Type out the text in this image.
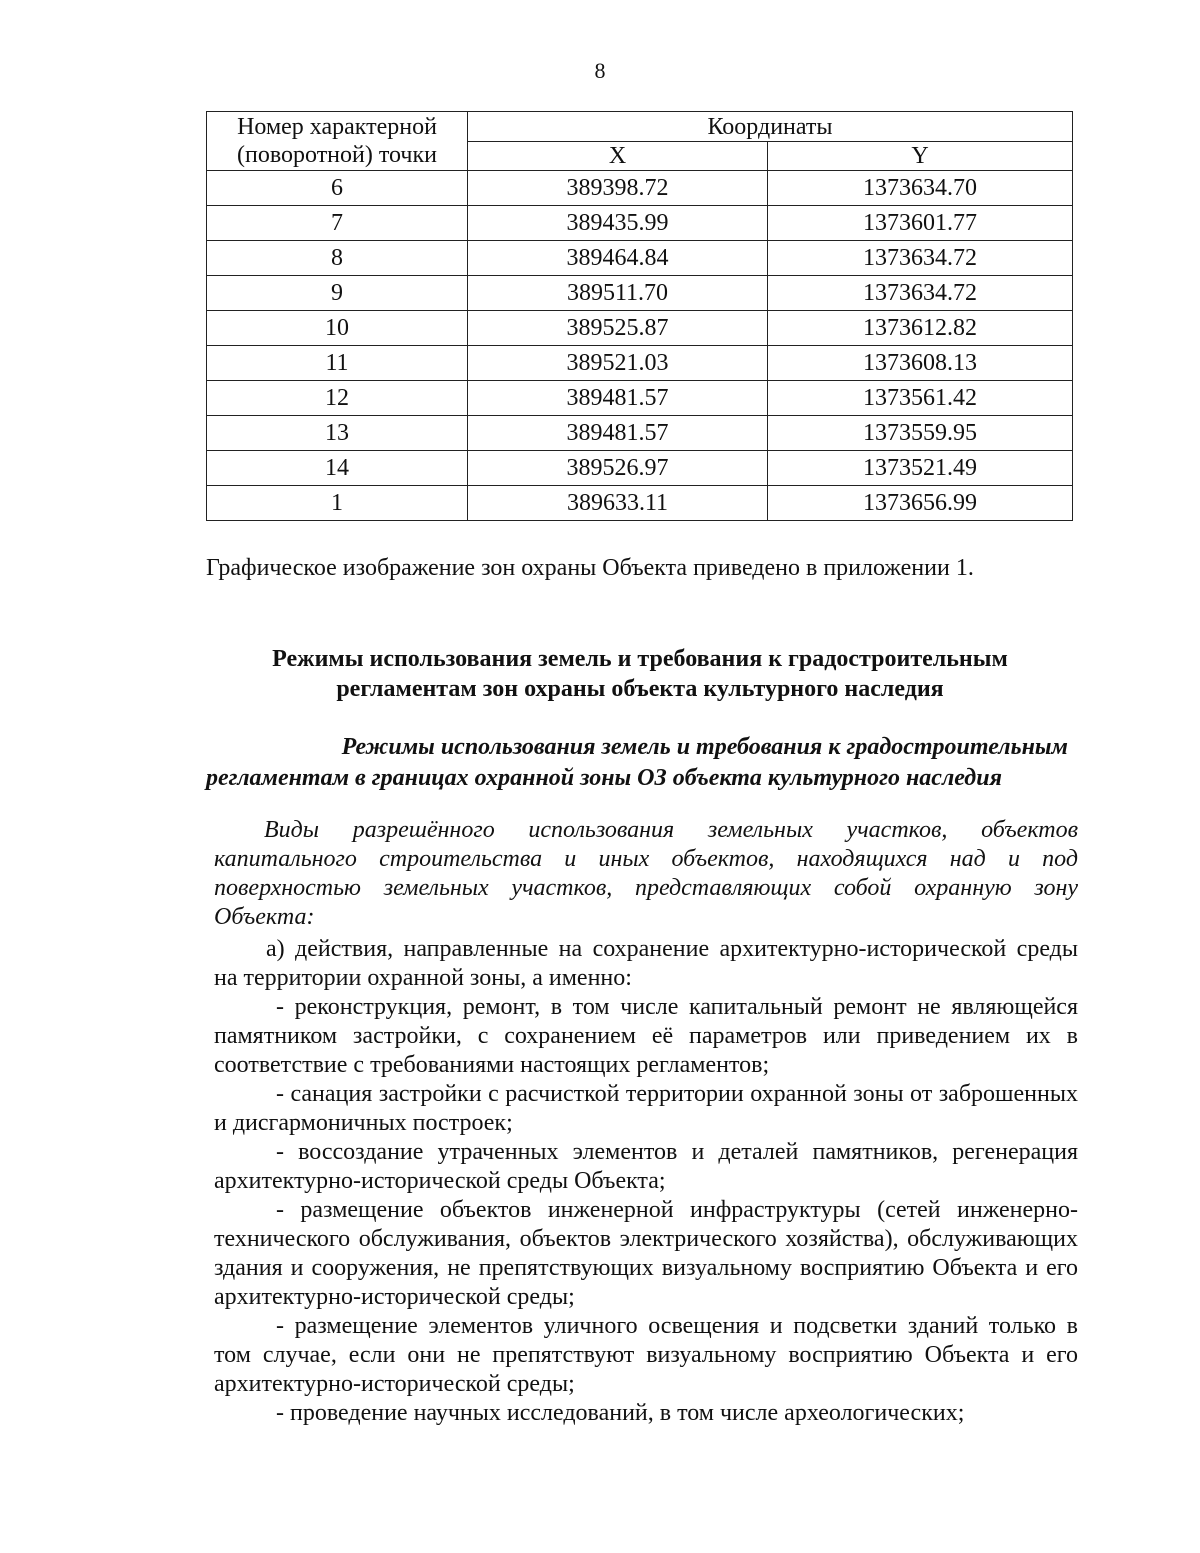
8
Номер характерной (поворотной) точки	Координаты	
	X	Y
6	389398.72	1373634.70
7	389435.99	1373601.77
8	389464.84	1373634.72
9	389511.70	1373634.72
10	389525.87	1373612.82
11	389521.03	1373608.13
12	389481.57	1373561.42
13	389481.57	1373559.95
14	389526.97	1373521.49
1	389633.11	1373656.99
Графическое изображение зон охраны Объекта приведено в приложении 1.
Режимы использования земель и требования к градостроительным
регламентам зон охраны объекта культурного наследия
Режимы использования земель и требования к градостроительным
регламентам в границах охранной зоны ОЗ объекта культурного наследия

Виды разрешённого использования земельных участков, объектов капитального строительства и иных объектов, находящихся над и под поверхностью земельных участков, представляющих собой охранную зону Объекта:

а) действия, направленные на сохранение архитектурно-исторической среды на территории охранной зоны, а именно:

- реконструкция, ремонт, в том числе капитальный ремонт не являющейся памятником застройки, с сохранением её параметров или приведением их в соответствие с требованиями настоящих регламентов;

- санация застройки с расчисткой территории охранной зоны от заброшенных и дисгармоничных построек;

- воссоздание утраченных элементов и деталей памятников, регенерация архитектурно-исторической среды Объекта;

- размещение объектов инженерной инфраструктуры (сетей инженерно-технического обслуживания, объектов электрического хозяйства), обслуживающих здания и сооружения, не препятствующих визуальному восприятию Объекта и его архитектурно-исторической среды;

- размещение элементов уличного освещения и подсветки зданий только в том случае, если они не препятствуют визуальному восприятию Объекта и его архитектурно-исторической среды;

- проведение научных исследований, в том числе археологических;
